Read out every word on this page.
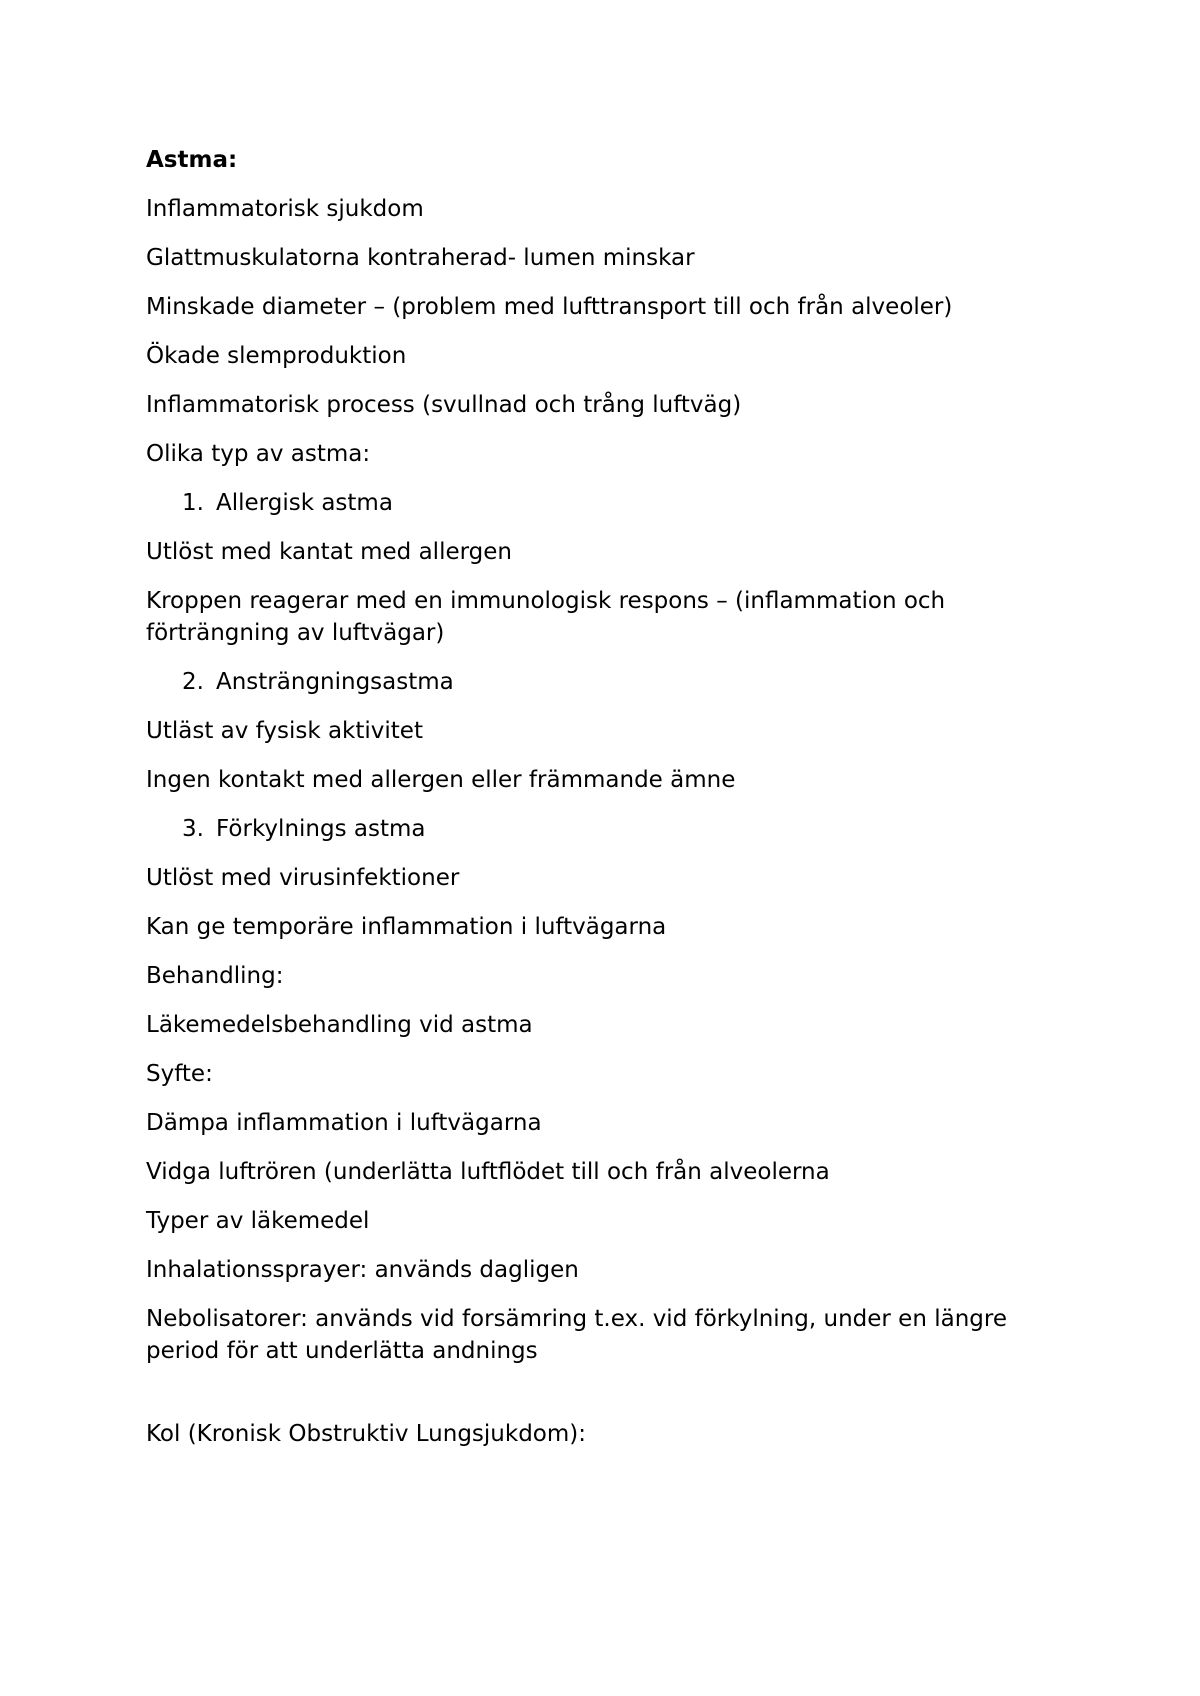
Astma:

Inflammatorisk sjukdom

Glattmuskulatorna kontraherad- lumen minskar

Minskade diameter – (problem med lufttransport till och från alveoler)

Ökade slemproduktion

Inflammatorisk process (svullnad och trång luftväg)

Olika typ av astma:

1. Allergisk astma

Utlöst med kantat med allergen

Kroppen reagerar med en immunologisk respons – (inflammation och förträngning av luftvägar)

2. Ansträngningsastma

Utläst av fysisk aktivitet

Ingen kontakt med allergen eller främmande ämne

3. Förkylnings astma

Utlöst med virusinfektioner

Kan ge temporäre inflammation i luftvägarna

Behandling:

Läkemedelsbehandling vid astma

Syfte:

Dämpa inflammation i luftvägarna

Vidga luftrören (underlätta luftflödet till och från alveolerna

Typer av läkemedel

Inhalationssprayer: används dagligen

Nebolisatorer: används vid forsämring t.ex. vid förkylning, under en längre period för att underlätta andnings

Kol (Kronisk Obstruktiv Lungsjukdom):
